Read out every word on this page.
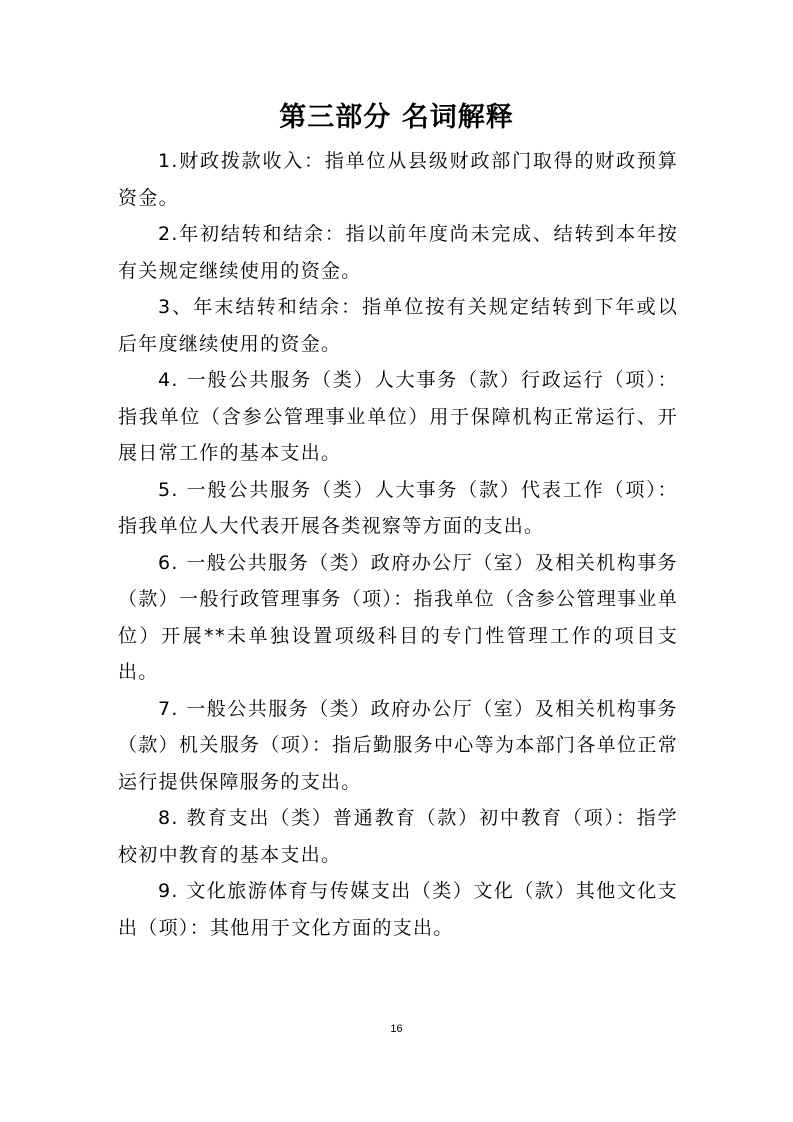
第三部分 名词解释

1.财政拨款收入：指单位从县级财政部门取得的财政预算资金。

2.年初结转和结余：指以前年度尚未完成、结转到本年按有关规定继续使用的资金。

3、年末结转和结余：指单位按有关规定结转到下年或以后年度继续使用的资金。

4. 一般公共服务（类）人大事务（款）行政运行（项）：指我单位（含参公管理事业单位）用于保障机构正常运行、开展日常工作的基本支出。

5. 一般公共服务（类）人大事务（款）代表工作（项）：指我单位人大代表开展各类视察等方面的支出。

6. 一般公共服务（类）政府办公厅（室）及相关机构事务（款）一般行政管理事务（项）：指我单位（含参公管理事业单位）开展**未单独设置项级科目的专门性管理工作的项目支出。

7. 一般公共服务（类）政府办公厅（室）及相关机构事务（款）机关服务（项）：指后勤服务中心等为本部门各单位正常运行提供保障服务的支出。

8. 教育支出（类）普通教育（款）初中教育（项）：指学校初中教育的基本支出。

9. 文化旅游体育与传媒支出（类）文化（款）其他文化支出（项）：其他用于文化方面的支出。

16
